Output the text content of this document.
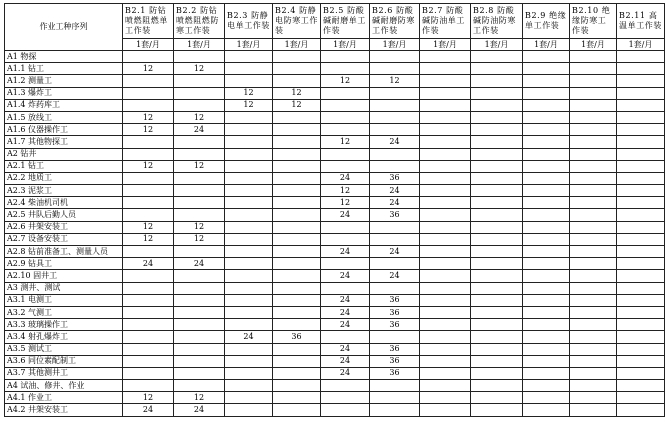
作业工种序列	B2.1 防钻喷燃阻燃单工作装	B2.2 防钻喷燃阻燃防寒工作装	B2.3 防静电单工作装	B2.4 防静电防寒工作装	B2.5 防酸碱耐磨单工作装	B2.6 防酸碱耐磨防寒工作装	B2.7 防酸碱防油单工作装	B2.8 防酸碱防油防寒工作装	B2.9 绝缘单工作装	B2.10 绝缘防寒工作装	B2.11 高温单工作装
	1套/月	1套/月	1套/月	1套/月	1套/月	1套/月	1套/月	1套/月	1套/月	1套/月	1套/月
A1 物探											
A1.1 钻工	12	12									
A1.2 测量工					12	12					
A1.3 爆炸工			12	12							
A1.4 炸药库工			12	12							
A1.5 放线工	12	12									
A1.6 仪器操作工	12	24									
A1.7 其他物探工					12	24					
A2 钻井											
A2.1 钻工	12	12									
A2.2 地质工					24	36					
A2.3 泥浆工					12	24					
A2.4 柴油机司机					12	24					
A2.5 井队后勤人员					24	36					
A2.6 井架安装工	12	12									
A2.7 设备安装工	12	12									
A2.8 钻前准备工、测量人员					24	24					
A2.9 钻具工	24	24									
A2.10 固井工					24	24					
A3 测井、测试											
A3.1 电测工					24	36					
A3.2 气测工					24	36					
A3.3 玻璃操作工					24	36					
A3.4 射孔爆炸工			24	36							
A3.5 测试工					24	36					
A3.6 同位素配制工					24	36					
A3.7 其他测井工					24	36					
A4 试油、修井、作业											
A4.1 作业工	12	12									
A4.2 井架安装工	24	24									
